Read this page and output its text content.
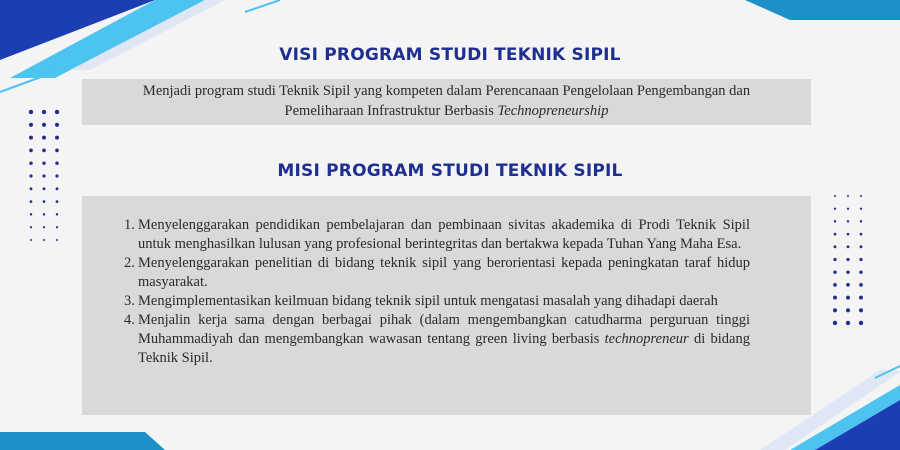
VISI PROGRAM STUDI TEKNIK SIPIL
Menjadi program studi Teknik Sipil yang kompeten dalam Perencanaan Pengelolaan Pengembangan dan
Pemeliharaan Infrastruktur Berbasis Technopreneurship
MISI PROGRAM STUDI TEKNIK SIPIL
1. Menyelenggarakan pendidikan pembelajaran dan pembinaan sivitas akademika di Prodi Teknik Sipil untuk menghasilkan lulusan yang profesional berintegritas dan bertakwa kepada Tuhan Yang Maha Esa.
2. Menyelenggarakan penelitian di bidang teknik sipil yang berorientasi kepada peningkatan taraf hidup masyarakat.
3. Mengimplementasikan keilmuan bidang teknik sipil untuk mengatasi masalah yang dihadapi daerah
4. Menjalin kerja sama dengan berbagai pihak (dalam mengembangkan catudharma perguruan tinggi Muhammadiyah dan mengembangkan wawasan tentang green living berbasis technopreneur di bidang Teknik Sipil.
